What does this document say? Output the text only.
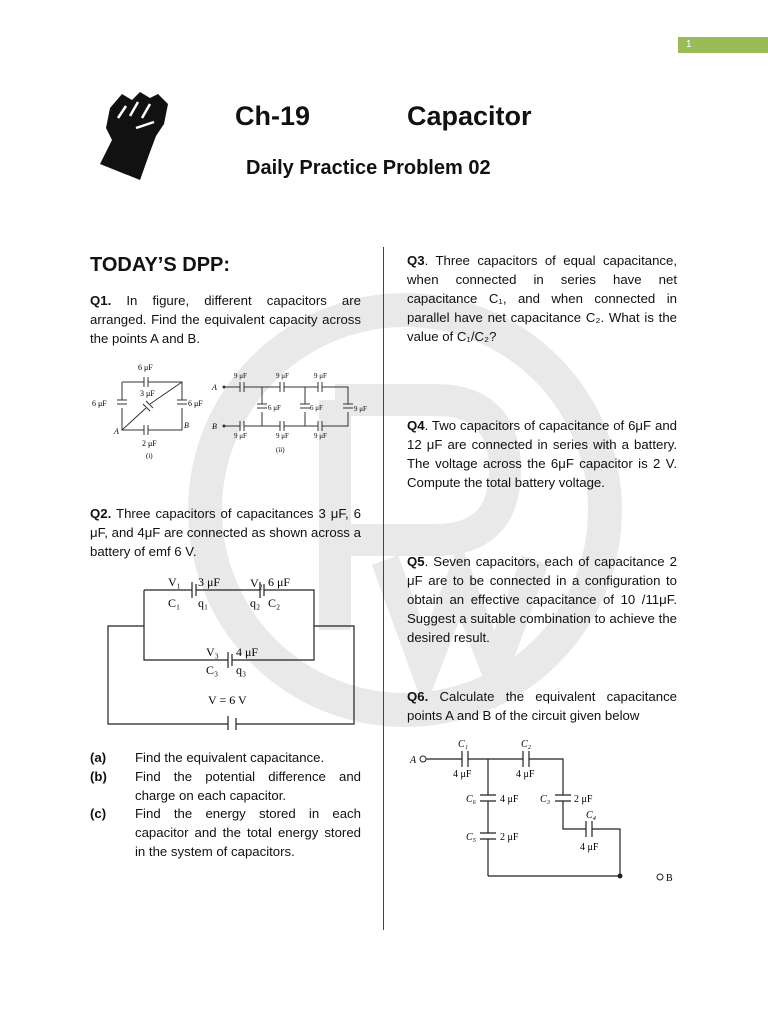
1
Ch-19	Capacitor
Daily Practice Problem 02
TODAY’S DPP:
Q1. In figure, different capacitors are arranged. Find the equivalent capacity across the points A and B.
6 μF
6 μF
3 μF
6 μF
2 μF
A
B
(i)
A
B
9 μF	9 μF	9 μF
6 μF	6 μF	9 μF
9 μF	9 μF	9 μF
(ii)
Q2. Three capacitors of capacitances 3 μF, 6 μF, and 4μF are connected as shown across a battery of emf 6 V.
V₁ 3 μF
C₁ q₁
V₂ 6 μF
q₂ C₂
V₃ 4 μF
C₃ q₃
V = 6 V
(a) Find the equivalent capacitance.
(b) Find the potential difference and charge on each capacitor.
(c) Find the energy stored in each capacitor and the total energy stored in the system of capacitors.
Q3. Three capacitors of equal capacitance, when connected in series have net capacitance C₁, and when connected in parallel have net capacitance C₂. What is the value of C₁/C₂?
Q4. Two capacitors of capacitance of 6μF and 12 μF are connected in series with a battery. The voltage across the 6μF capacitor is 2 V. Compute the total battery voltage.
Q5. Seven capacitors, each of capacitance 2 μF are to be connected in a configuration to obtain an effective capacitance of 10 /11μF. Suggest a suitable combination to achieve the desired result.
Q6. Calculate the equivalent capacitance points A and B of the circuit given below
A
B
C₁
4 μF
C₂
4 μF
C₆ 4 μF C₃ 2 μF
C₄
4 μF
C₅ 2 μF
